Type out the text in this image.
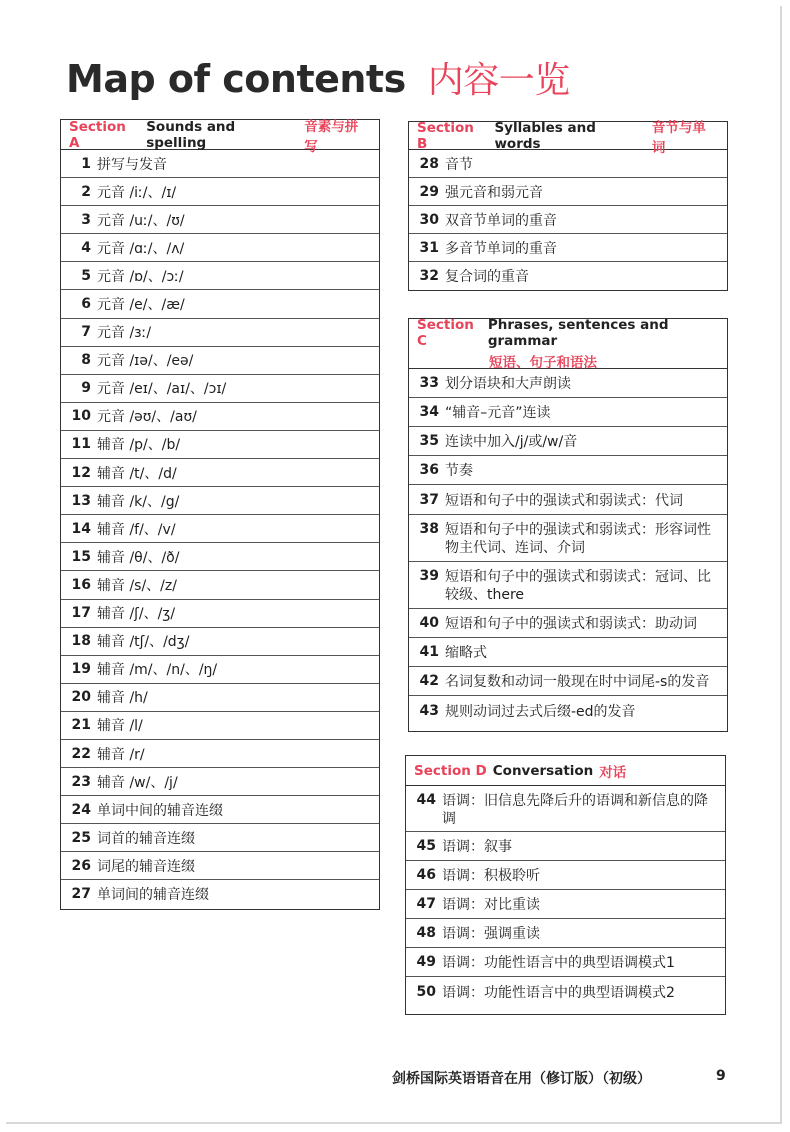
Map of contents 内容一览
Section A
Sounds and spelling
音素与拼写
1 拼写与发音
2 元音 /iː/、/ɪ/
3 元音 /uː/、/ʊ/
4 元音 /ɑː/、/ʌ/
5 元音 /ɒ/、/ɔː/
6 元音 /e/、/æ/
7 元音 /ɜː/
8 元音 /ɪə/、/eə/
9 元音 /eɪ/、/aɪ/、/ɔɪ/
10 元音 /əʊ/、/aʊ/
11 辅音 /p/、/b/
12 辅音 /t/、/d/
13 辅音 /k/、/g/
14 辅音 /f/、/v/
15 辅音 /θ/、/ð/
16 辅音 /s/、/z/
17 辅音 /ʃ/、/ʒ/
18 辅音 /tʃ/、/dʒ/
19 辅音 /m/、/n/、/ŋ/
20 辅音 /h/
21 辅音 /l/
22 辅音 /r/
23 辅音 /w/、/j/
24 单词中间的辅音连缀
25 词首的辅音连缀
26 词尾的辅音连缀
27 单词间的辅音连缀
Section B
Syllables and words
音节与单词
28 音节
29 强元音和弱元音
30 双音节单词的重音
31 多音节单词的重音
32 复合词的重音
Section C
Phrases, sentences and grammar
短语、句子和语法
33 划分语块和大声朗读
34 “辅音–元音”连读
35 连读中加入/j/或/w/音
36 节奏
37 短语和句子中的强读式和弱读式：代词
38 短语和句子中的强读式和弱读式：形容词性物主代词、连词、介词
39 短语和句子中的强读式和弱读式：冠词、比较级、there
40 短语和句子中的强读式和弱读式：助动词
41 缩略式
42 名词复数和动词一般现在时中词尾-s的发音
43 规则动词过去式后缀-ed的发音
Section D Conversation 对话
44 语调：旧信息先降后升的语调和新信息的降调
45 语调：叙事
46 语调：积极聆听
47 语调：对比重读
48 语调：强调重读
49 语调：功能性语言中的典型语调模式1
50 语调：功能性语言中的典型语调模式2
剑桥国际英语语音在用（修订版）（初级）	9
